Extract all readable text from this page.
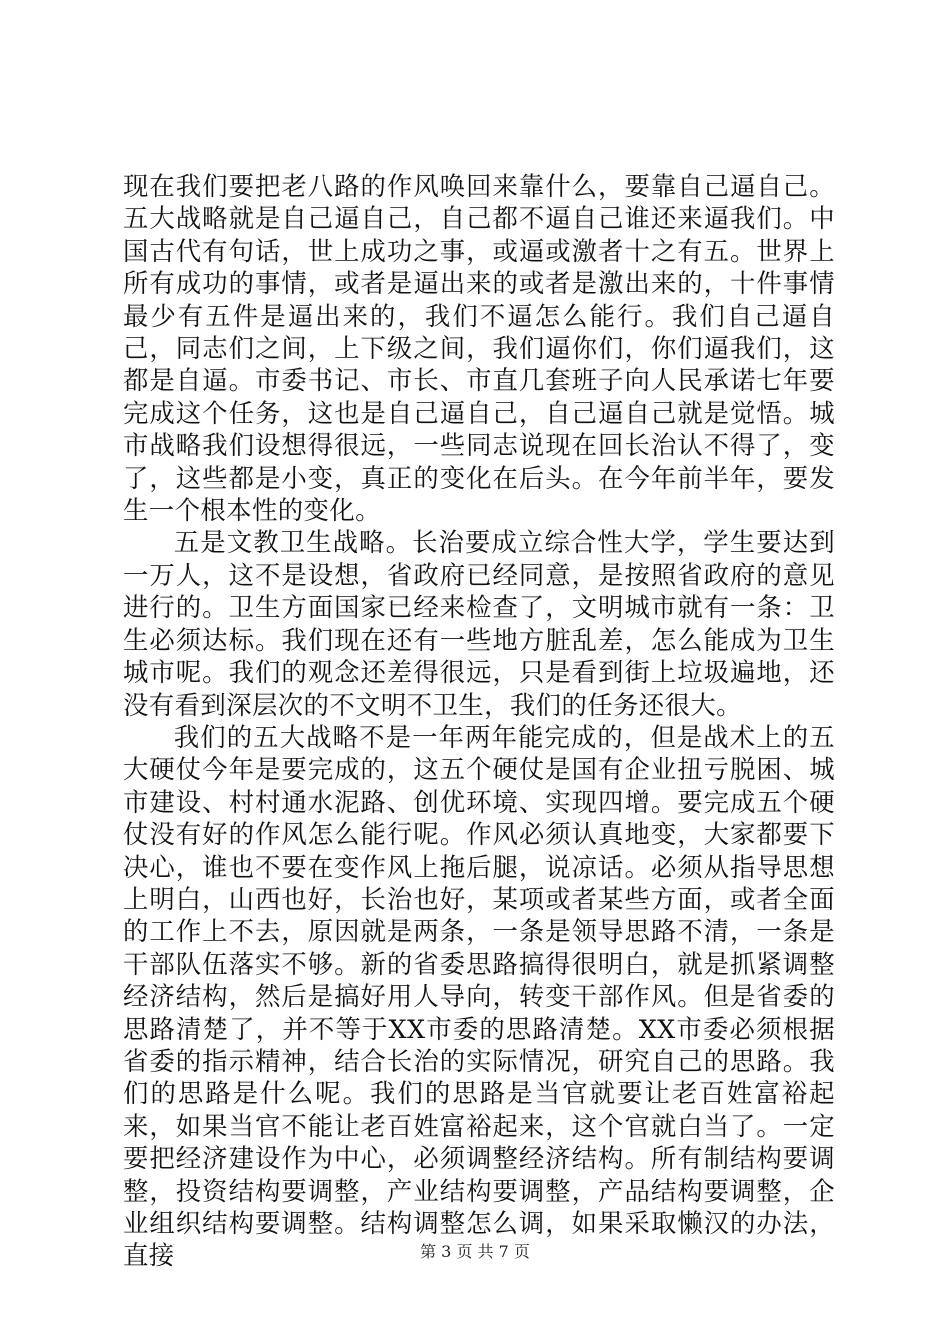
现在我们要把老八路的作风唤回来靠什么，要靠自己逼自己。五大战略就是自己逼自己，自己都不逼自己谁还来逼我们。中国古代有句话，世上成功之事，或逼或激者十之有五。世界上所有成功的事情，或者是逼出来的或者是激出来的，十件事情最少有五件是逼出来的，我们不逼怎么能行。我们自己逼自己，同志们之间，上下级之间，我们逼你们，你们逼我们，这都是自逼。市委书记、市长、市直几套班子向人民承诺七年要完成这个任务，这也是自己逼自己，自己逼自己就是觉悟。城市战略我们设想得很远，一些同志说现在回长治认不得了，变了，这些都是小变，真正的变化在后头。在今年前半年，要发生一个根本性的变化。

五是文教卫生战略。长治要成立综合性大学，学生要达到一万人，这不是设想，省政府已经同意，是按照省政府的意见进行的。卫生方面国家已经来检查了，文明城市就有一条：卫生必须达标。我们现在还有一些地方脏乱差，怎么能成为卫生城市呢。我们的观念还差得很远，只是看到街上垃圾遍地，还没有看到深层次的不文明不卫生，我们的任务还很大。

我们的五大战略不是一年两年能完成的，但是战术上的五大硬仗今年是要完成的，这五个硬仗是国有企业扭亏脱困、城市建设、村村通水泥路、创优环境、实现四增。要完成五个硬仗没有好的作风怎么能行呢。作风必须认真地变，大家都要下决心，谁也不要在变作风上拖后腿，说凉话。必须从指导思想上明白，山西也好，长治也好，某项或者某些方面，或者全面的工作上不去，原因就是两条，一条是领导思路不清，一条是干部队伍落实不够。新的省委思路搞得很明白，就是抓紧调整经济结构，然后是搞好用人导向，转变干部作风。但是省委的思路清楚了，并不等于XX市委的思路清楚。XX市委必须根据省委的指示精神，结合长治的实际情况，研究自己的思路。我们的思路是什么呢。我们的思路是当官就要让老百姓富裕起来，如果当官不能让老百姓富裕起来，这个官就白当了。一定要把经济建设作为中心，必须调整经济结构。所有制结构要调整，投资结构要调整，产业结构要调整，产品结构要调整，企业组织结构要调整。结构调整怎么调，如果采取懒汉的办法，直接	第 3 页 共 7 页
